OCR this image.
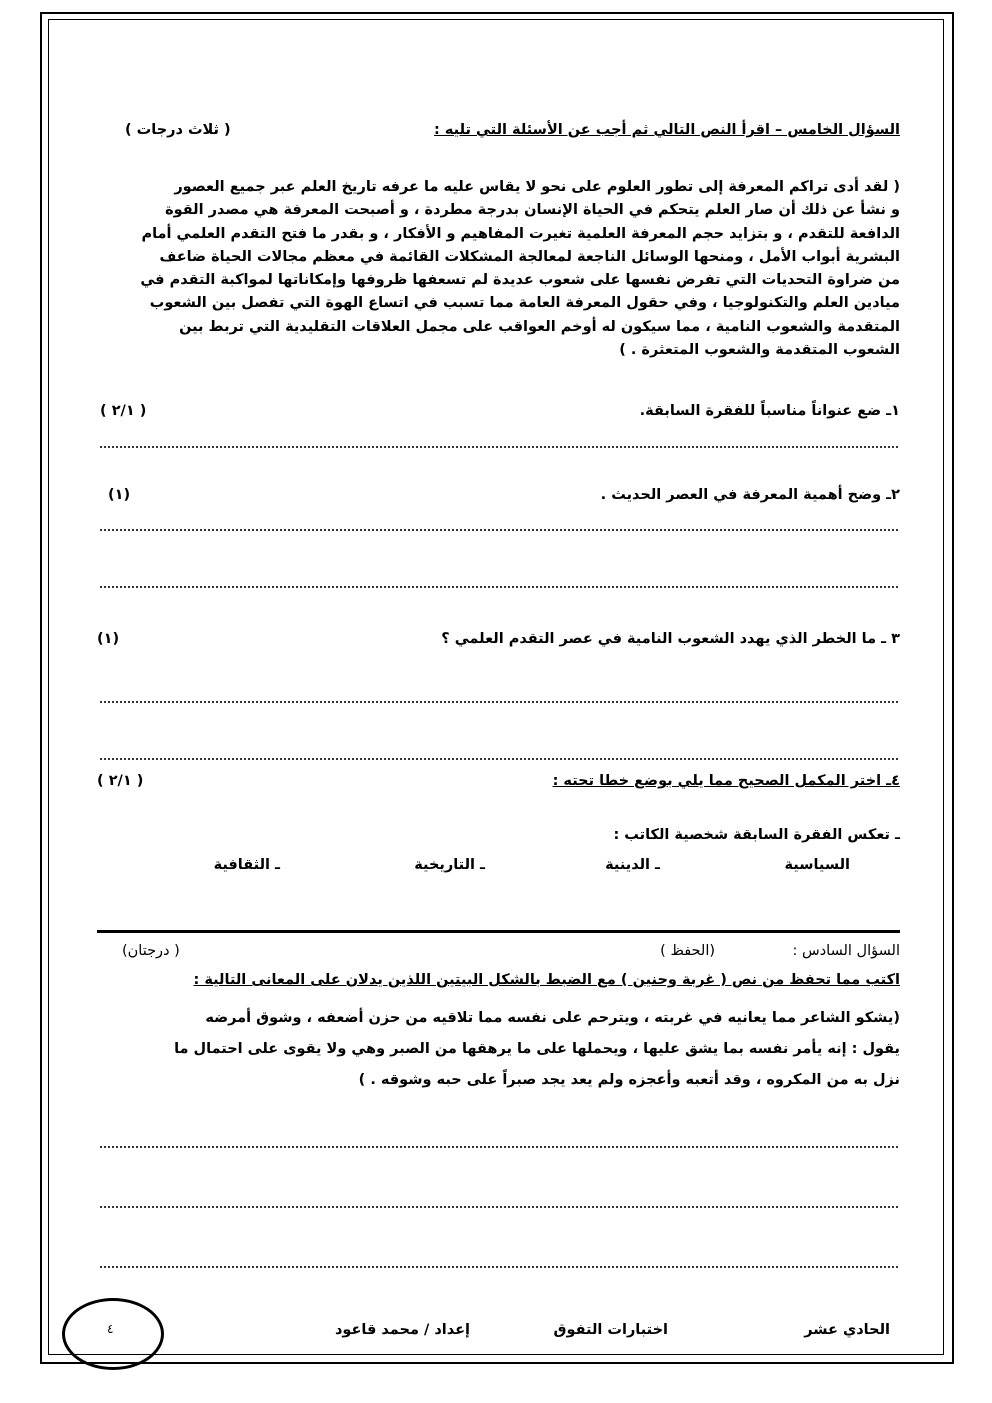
السؤال الخامس – اقرأ النص التالي ثم أجب عن الأسئلة التي تليه :
( ثلاث درجات )
( لقد أدى تراكم المعرفة إلى تطور العلوم على نحو لا يقاس عليه ما عرفه تاريخ العلم عبر جميع العصور
و نشأ عن ذلك أن صار العلم يتحكم في الحياة الإنسان بدرجة مطردة ، و أصبحت المعرفة هي مصدر القوة
الدافعة للتقدم ، و بتزايد حجم المعرفة العلمية تغيرت المفاهيم و الأفكار ، و بقدر ما فتح التقدم العلمي أمام
البشرية أبواب الأمل ، ومنحها الوسائل الناجعة لمعالجة المشكلات القائمة في معظم مجالات الحياة ضاعف
من ضراوة التحديات التي تفرض نفسها على شعوب عديدة لم تسعفها ظروفها وإمكاناتها لمواكبة التقدم في
ميادين العلم والتكنولوجيا ، وفي حقول المعرفة العامة مما تسبب في اتساع الهوة التي تفصل بين الشعوب
المتقدمة والشعوب النامية ، مما سيكون له أوخم العواقب على مجمل العلاقات التقليدية التي تربط بين
الشعوب المتقدمة والشعوب المتعثرة . )
١ـ ضع عنواناً مناسباً للفقرة السابقة.
( ٢/١ )
٢ـ وضح أهمية المعرفة في العصر الحديث .
(١)
٣ ـ ما الخطر الذي يهدد الشعوب النامية في عصر التقدم العلمي ؟
(١)
٤ـ اختر المكمل الصحيح مما يلي بوضع خطا تحته :
( ٢/١ )
ـ تعكس الفقرة السابقة شخصية الكاتب :
السياسية
ـ الدينية
ـ التاريخية
ـ الثقافية
السؤال السادس :
(الحفظ )
( درجتان)
اكتب مما تحفظ من نص ( غربة وحنين ) مع الضبط بالشكل البيتين اللذين يدلان على المعانى التالية :
(يشكو الشاعر مما يعانيه في غربته ، ويترحم على نفسه مما تلاقيه من حزن أضعفه ، وشوق أمرضه
يقول : إنه يأمر نفسه بما يشق عليها ، ويحملها على ما يرهقها من الصبر وهي ولا يقوى على احتمال ما
نزل به من المكروه ، وقد أتعبه وأعجزه ولم يعد يجد صبراً على حبه وشوقه . )
الحادي عشر
اختبارات التفوق
إعداد / محمد قاعود
٤
